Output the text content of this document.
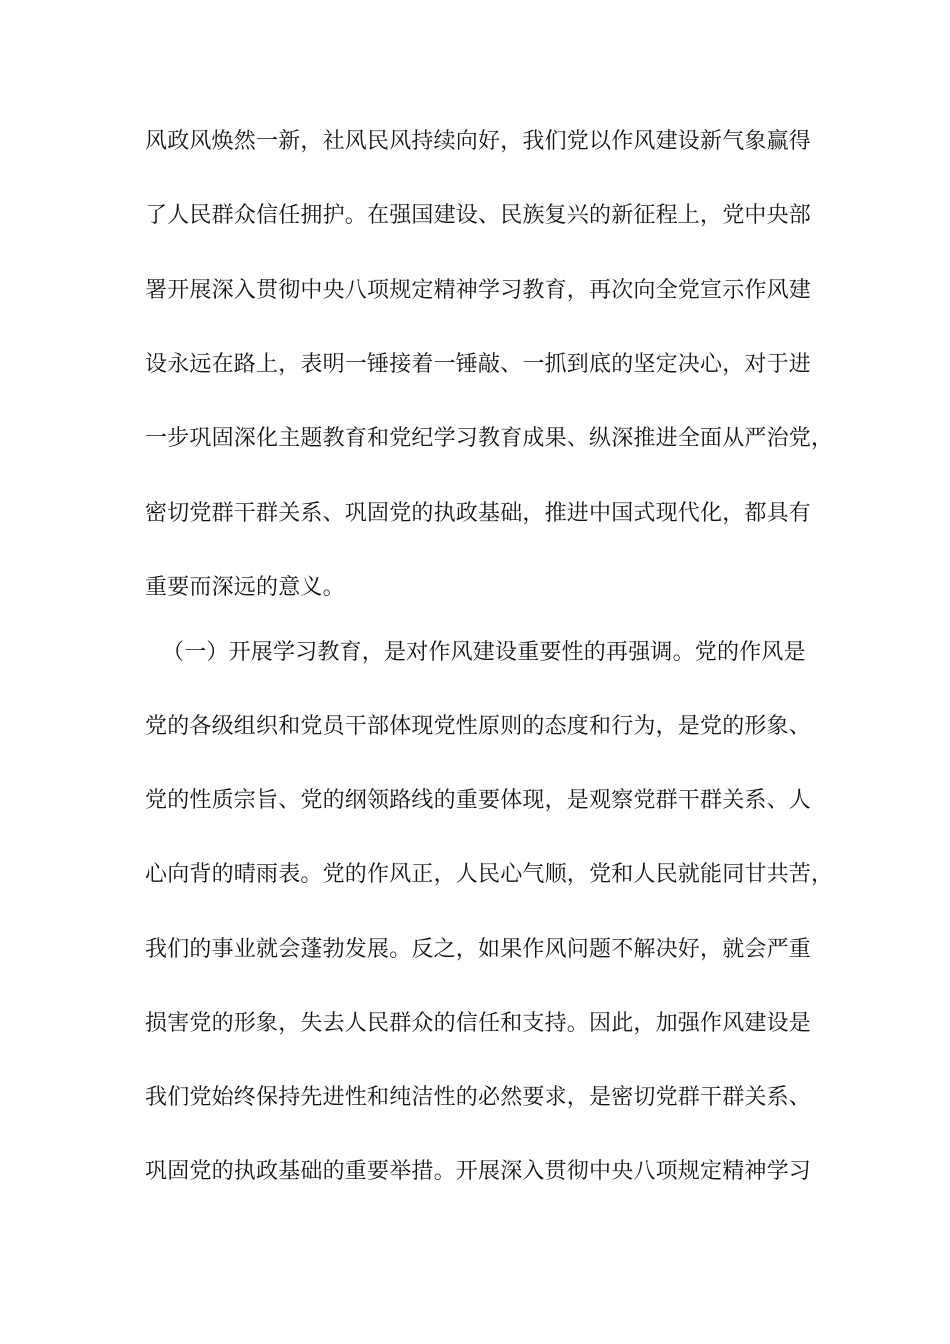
风政风焕然一新，社风民风持续向好，我们党以作风建设新气象赢得
了人民群众信任拥护。在强国建设、民族复兴的新征程上，党中央部
署开展深入贯彻中央八项规定精神学习教育，再次向全党宣示作风建
设永远在路上，表明一锤接着一锤敲、一抓到底的坚定决心，对于进
一步巩固深化主题教育和党纪学习教育成果、纵深推进全面从严治党，
密切党群干群关系、巩固党的执政基础，推进中国式现代化，都具有
重要而深远的意义。
（一）开展学习教育，是对作风建设重要性的再强调。党的作风是
党的各级组织和党员干部体现党性原则的态度和行为，是党的形象、
党的性质宗旨、党的纲领路线的重要体现，是观察党群干群关系、人
心向背的晴雨表。党的作风正，人民心气顺，党和人民就能同甘共苦，
我们的事业就会蓬勃发展。反之，如果作风问题不解决好，就会严重
损害党的形象，失去人民群众的信任和支持。因此，加强作风建设是
我们党始终保持先进性和纯洁性的必然要求，是密切党群干群关系、
巩固党的执政基础的重要举措。开展深入贯彻中央八项规定精神学习
